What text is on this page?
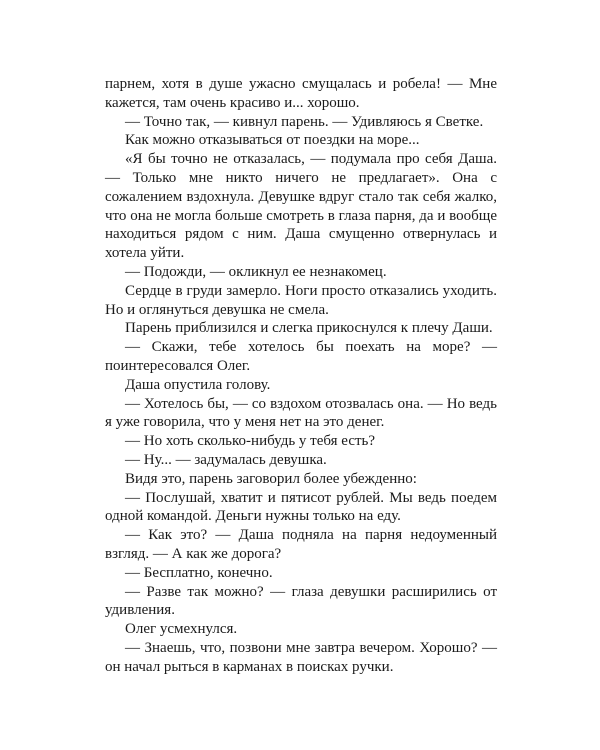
парнем, хотя в душе ужасно смущалась и робела! — Мне кажется, там очень красиво и... хорошо.

— Точно так, — кивнул парень. — Удивляюсь я Светке.

Как можно отказываться от поездки на море...

«Я бы точно не отказалась, — подумала про себя Даша. — Только мне никто ничего не предлагает». Она с сожалением вздохнула. Девушке вдруг стало так себя жалко, что она не могла больше смотреть в глаза парня, да и вообще находиться рядом с ним. Даша смущенно отвернулась и хотела уйти.

— Подожди, — окликнул ее незнакомец.

Сердце в груди замерло. Ноги просто отказались уходить. Но и оглянуться девушка не смела.

Парень приблизился и слегка прикоснулся к плечу Даши.

— Скажи, тебе хотелось бы поехать на море? — поинтересовался Олег.

Даша опустила голову.

— Хотелось бы, — со вздохом отозвалась она. — Но ведь я уже говорила, что у меня нет на это денег.

— Но хоть сколько-нибудь у тебя есть?

— Ну... — задумалась девушка.

Видя это, парень заговорил более убежденно:

— Послушай, хватит и пятисот рублей. Мы ведь поедем одной командой. Деньги нужны только на еду.

— Как это? — Даша подняла на парня недоуменный взгляд. — А как же дорога?

— Бесплатно, конечно.

— Разве так можно? — глаза девушки расширились от удивления.

Олег усмехнулся.

— Знаешь, что, позвони мне завтра вечером. Хорошо? — он начал рыться в карманах в поисках ручки.
